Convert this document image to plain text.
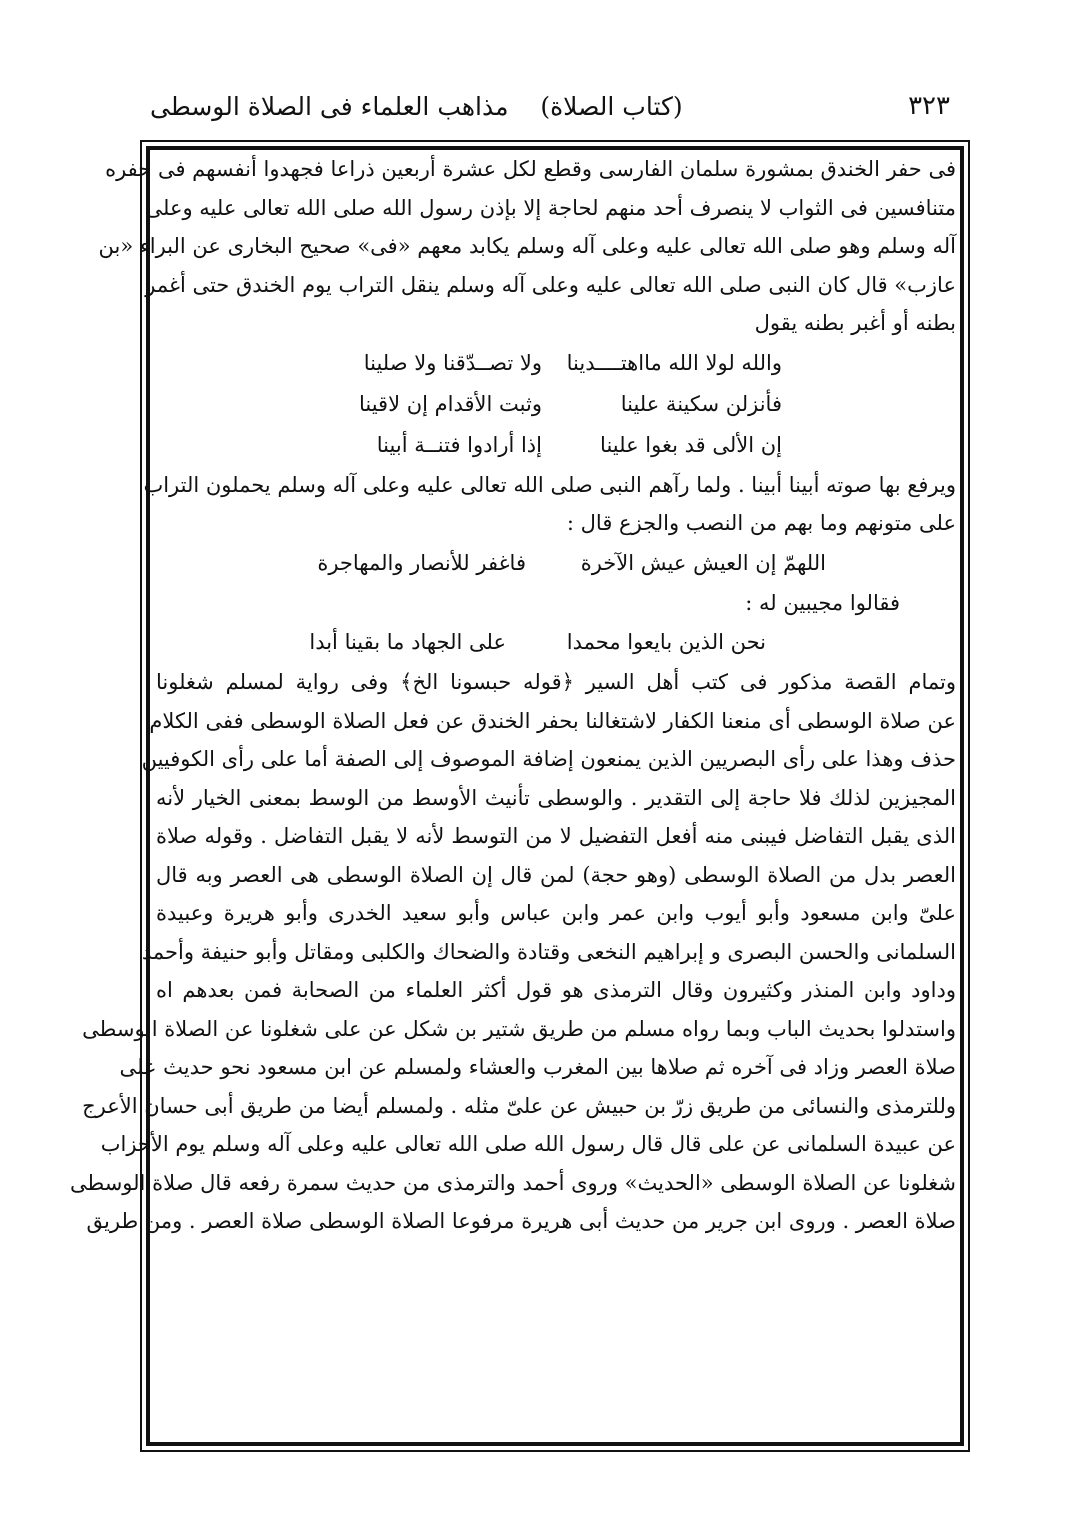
٣٢٣
(كتاب الصلاة)    مذاهب العلماء فى الصلاة الوسطى
فى حفر الخندق بمشورة سلمان الفارسى وقطع لكل عشرة أربعين ذراعا فجهدوا أنفسهم فى حفره
متنافسين فى الثواب لا ينصرف أحد منهم لحاجة إلا بإذن رسول الله صلى الله تعالى عليه وعلى
آله وسلم وهو صلى الله تعالى عليه وعلى آله وسلم يكابد معهم «فى» صحيح البخارى عن البراء «بن
عازب» قال كان النبى صلى الله تعالى عليه وعلى آله وسلم ينقل التراب يوم الخندق حتى أغمر
بطنه أو أغبر بطنه يقول
والله لولا الله مااهتــــدينا
ولا تصــدّقنا ولا صلينا
فأنزلن سكينة علينا
وثبت الأقدام إن لاقينا
إن الألى قد بغوا علينا
إذا أرادوا فتنــة أبينا
ويرفع بها صوته أبينا أبينا . ولما رآهم النبى صلى الله تعالى عليه وعلى آله وسلم يحملون التراب
على متونهم وما بهم من النصب والجزع قال :
اللهمّ إن العيش عيش الآخرة
فاغفر للأنصار والمهاجرة
فقالوا مجيبين له :
نحن الذين بايعوا محمدا
على الجهاد ما بقينا أبدا
وتمام القصة مذكور فى كتب أهل السير ﴿قوله حبسونا الخ﴾ وفى رواية لمسلم شغلونا
عن صلاة الوسطى أى منعنا الكفار لاشتغالنا بحفر الخندق عن فعل الصلاة الوسطى ففى الكلام
حذف وهذا على رأى البصريين الذين يمنعون إضافة الموصوف إلى الصفة أما على رأى الكوفيين
المجيزين لذلك فلا حاجة إلى التقدير . والوسطى تأنيث الأوسط من الوسط بمعنى الخيار لأنه
الذى يقبل التفاضل فيبنى منه أفعل التفضيل لا من التوسط لأنه لا يقبل التفاضل . وقوله صلاة
العصر بدل من الصلاة الوسطى (وهو حجة) لمن قال إن الصلاة الوسطى هى العصر وبه قال
علىّ وابن مسعود وأبو أيوب وابن عمر وابن عباس وأبو سعيد الخدرى وأبو هريرة وعبيدة
السلمانى والحسن البصرى و إبراهيم النخعى وقتادة والضحاك والكلبى ومقاتل وأبو حنيفة وأحمد
وداود وابن المنذر وكثيرون وقال الترمذى هو قول أكثر العلماء من الصحابة فمن بعدهم اه
واستدلوا بحديث الباب وبما رواه مسلم من طريق شتير بن شكل عن على شغلونا عن الصلاة الوسطى
صلاة العصر وزاد فى آخره ثم صلاها بين المغرب والعشاء ولمسلم عن ابن مسعود نحو حديث على
وللترمذى والنسائى من طريق زرّ بن حبيش عن علىّ مثله . ولمسلم أيضا من طريق أبى حسان الأعرج
عن عبيدة السلمانى عن على قال قال رسول الله صلى الله تعالى عليه وعلى آله وسلم يوم الأحزاب
شغلونا عن الصلاة الوسطى «الحديث» وروى أحمد والترمذى من حديث سمرة رفعه قال صلاة الوسطى
صلاة العصر . وروى ابن جرير من حديث أبى هريرة مرفوعا الصلاة الوسطى صلاة العصر . ومن طريق
